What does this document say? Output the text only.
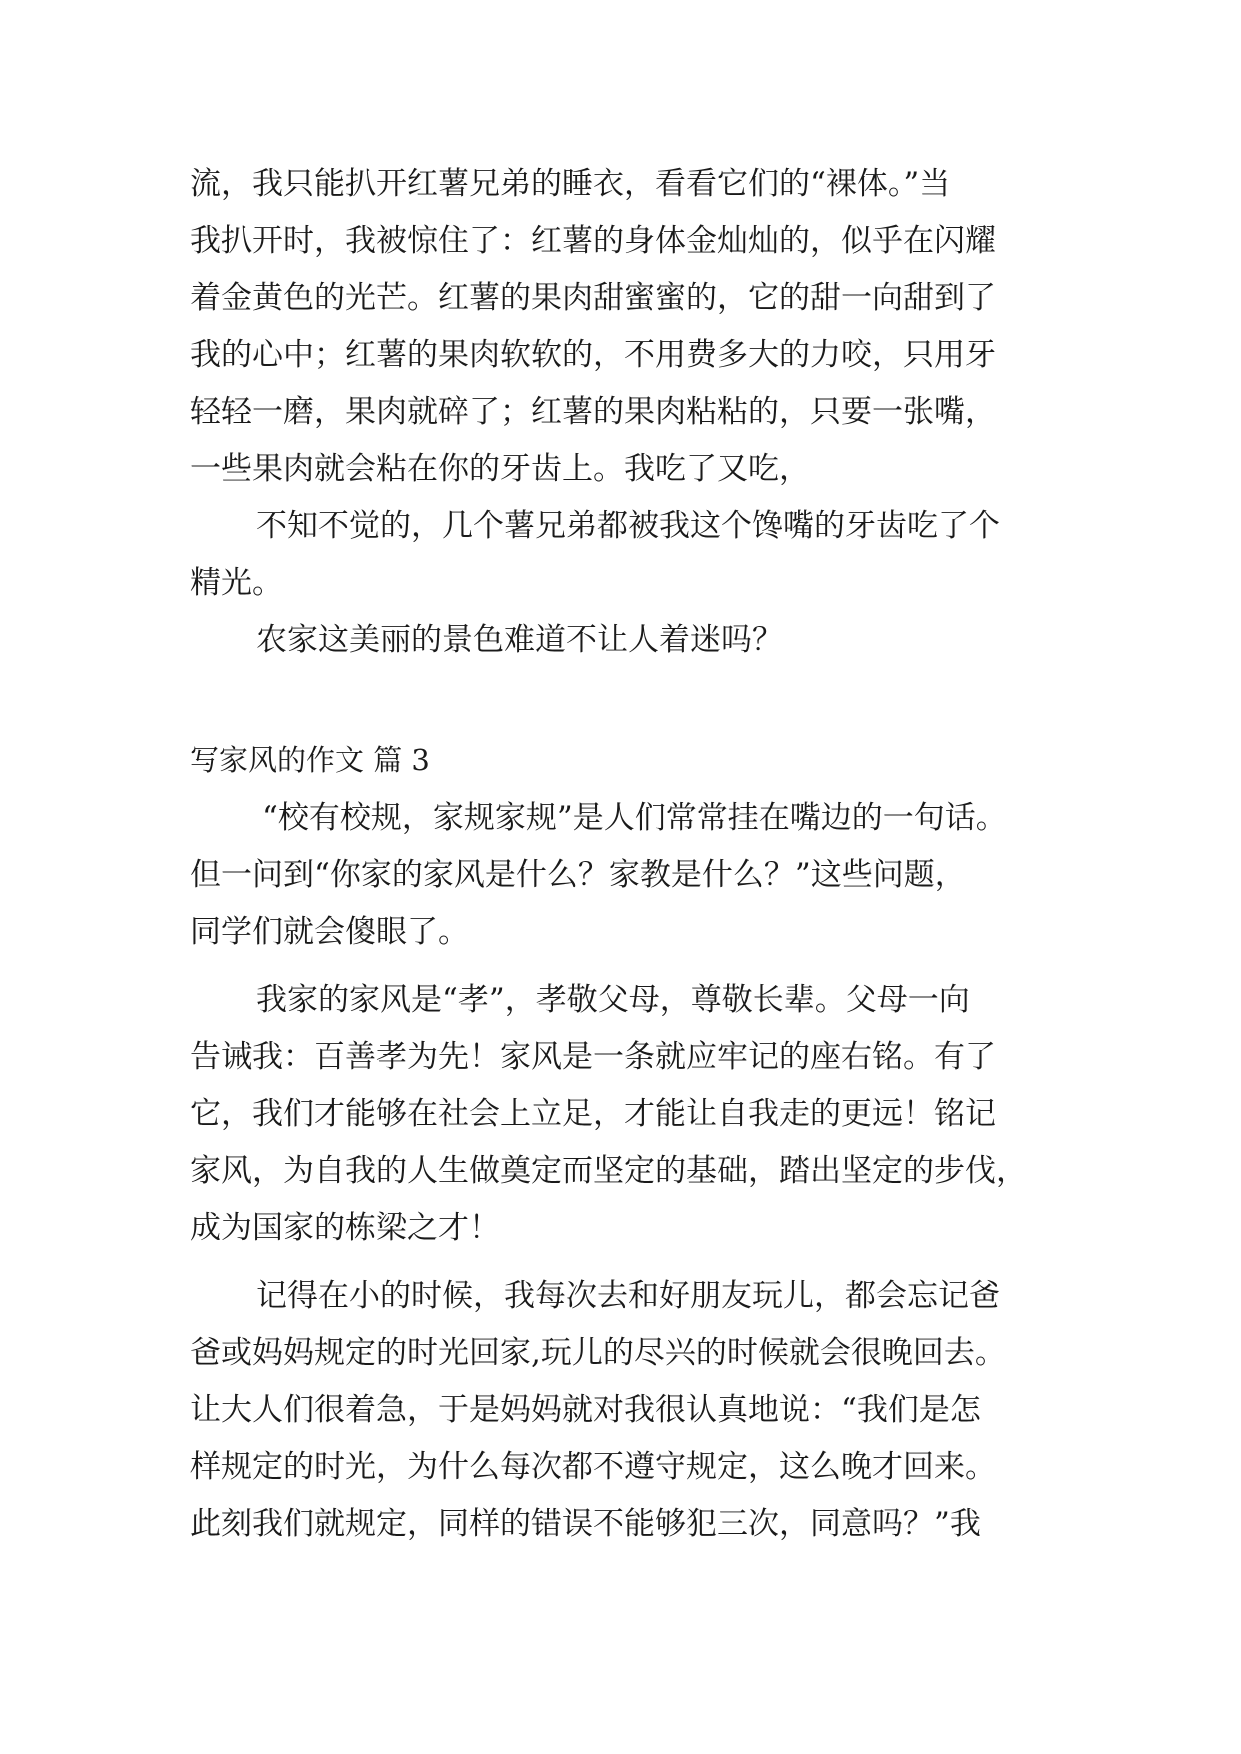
流，我只能扒开红薯兄弟的睡衣，看看它们的“裸体。”当
我扒开时，我被惊住了：红薯的身体金灿灿的，似乎在闪耀
着金黄色的光芒。红薯的果肉甜蜜蜜的，它的甜一向甜到了
我的心中；红薯的果肉软软的，不用费多大的力咬，只用牙
轻轻一磨，果肉就碎了；红薯的果肉粘粘的，只要一张嘴，
一些果肉就会粘在你的牙齿上。我吃了又吃，
不知不觉的，几个薯兄弟都被我这个馋嘴的牙齿吃了个
精光。
农家这美丽的景色难道不让人着迷吗？
写家风的作文 篇 3
“校有校规，家规家规”是人们常常挂在嘴边的一句话。
但一问到“你家的家风是什么？家教是什么？”这些问题，
同学们就会傻眼了。
我家的家风是“孝”，孝敬父母，尊敬长辈。父母一向
告诫我：百善孝为先！家风是一条就应牢记的座右铭。有了
它，我们才能够在社会上立足，才能让自我走的更远！铭记
家风，为自我的人生做奠定而坚定的基础，踏出坚定的步伐，
成为国家的栋梁之才！
记得在小的时候，我每次去和好朋友玩儿，都会忘记爸
爸或妈妈规定的时光回家,玩儿的尽兴的时候就会很晚回去。
让大人们很着急，于是妈妈就对我很认真地说：“我们是怎
样规定的时光，为什么每次都不遵守规定，这么晚才回来。
此刻我们就规定，同样的错误不能够犯三次，同意吗？”我
